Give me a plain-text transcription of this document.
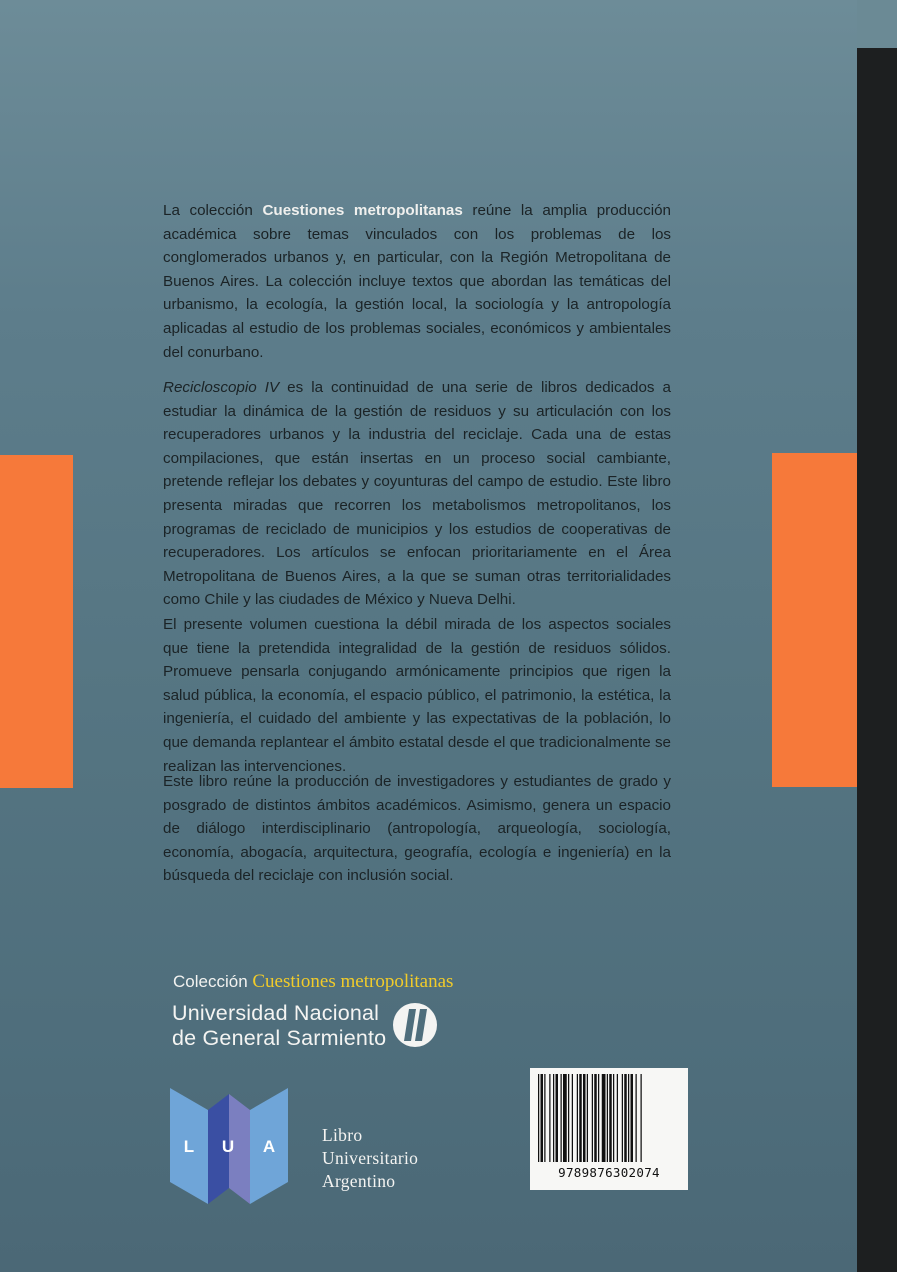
La colección Cuestiones metropolitanas reúne la amplia producción académica sobre temas vinculados con los problemas de los conglomerados urbanos y, en particular, con la Región Metropolitana de Buenos Aires. La colección incluye textos que abordan las temáticas del urbanismo, la ecología, la gestión local, la sociología y la antropología aplicadas al estudio de los problemas sociales, económicos y ambientales del conurbano.

Recicloscopio IV es la continuidad de una serie de libros dedicados a estudiar la dinámica de la gestión de residuos y su articulación con los recuperadores urbanos y la industria del reciclaje. Cada una de estas compilaciones, que están insertas en un proceso social cambiante, pretende reflejar los debates y coyunturas del campo de estudio. Este libro presenta miradas que recorren los metabolismos metropolitanos, los programas de reciclado de municipios y los estudios de cooperativas de recuperadores. Los artículos se enfocan prioritariamente en el Área Metropolitana de Buenos Aires, a la que se suman otras territorialidades como Chile y las ciudades de México y Nueva Delhi.

El presente volumen cuestiona la débil mirada de los aspectos sociales que tiene la pretendida integralidad de la gestión de residuos sólidos. Promueve pensarla conjugando armónicamente principios que rigen la salud pública, la economía, el espacio público, el patrimonio, la estética, la ingeniería, el cuidado del ambiente y las expectativas de la población, lo que demanda replantear el ámbito estatal desde el que tradicionalmente se realizan las intervenciones.

Este libro reúne la producción de investigadores y estudiantes de grado y posgrado de distintos ámbitos académicos. Asimismo, genera un espacio de diálogo interdisciplinario (antropología, arqueología, sociología, economía, abogacía, arquitectura, geografía, ecología e ingeniería) en la búsqueda del reciclaje con inclusión social.

Colección Cuestiones metropolitanas
Universidad Nacional
de General Sarmiento
9789876302074
L U A
Libro
Universitario
Argentino
